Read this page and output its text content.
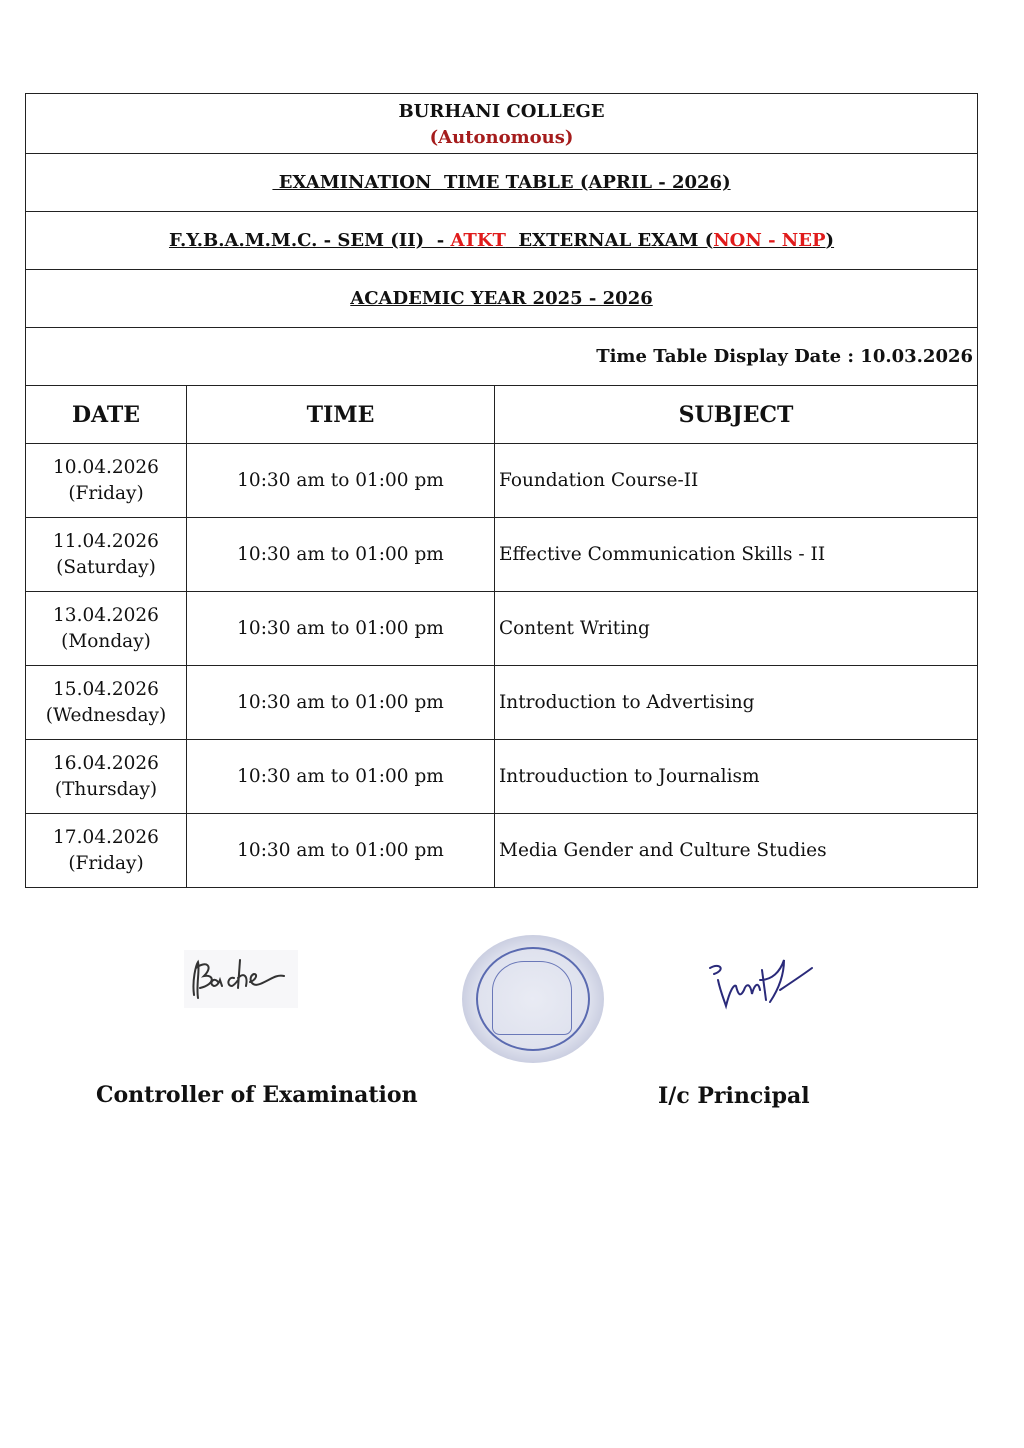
BURHANI COLLEGE
(Autonomous)		

EXAMINATION  TIME TABLE (APRIL - 2026)		
F.Y.B.A.M.M.C. - SEM (II)  - ATKT  EXTERNAL EXAM (NON - NEP)		
ACADEMIC YEAR 2025 - 2026		
Time Table Display Date : 10.03.2026		
DATE	TIME	SUBJECT

10.04.2026
(Friday)	10:30 am to 01:00 pm	Foundation Course-II

11.04.2026
(Saturday)	10:30 am to 01:00 pm	Effective Communication Skills - II

13.04.2026
(Monday)	10:30 am to 01:00 pm	Content Writing

15.04.2026
(Wednesday)	10:30 am to 01:00 pm	Introduction to Advertising

16.04.2026
(Thursday)	10:30 am to 01:00 pm	Introuduction to Journalism

17.04.2026
(Friday)	10:30 am to 01:00 pm	Media Gender and Culture Studies
Controller of Examination	I/c Principal
